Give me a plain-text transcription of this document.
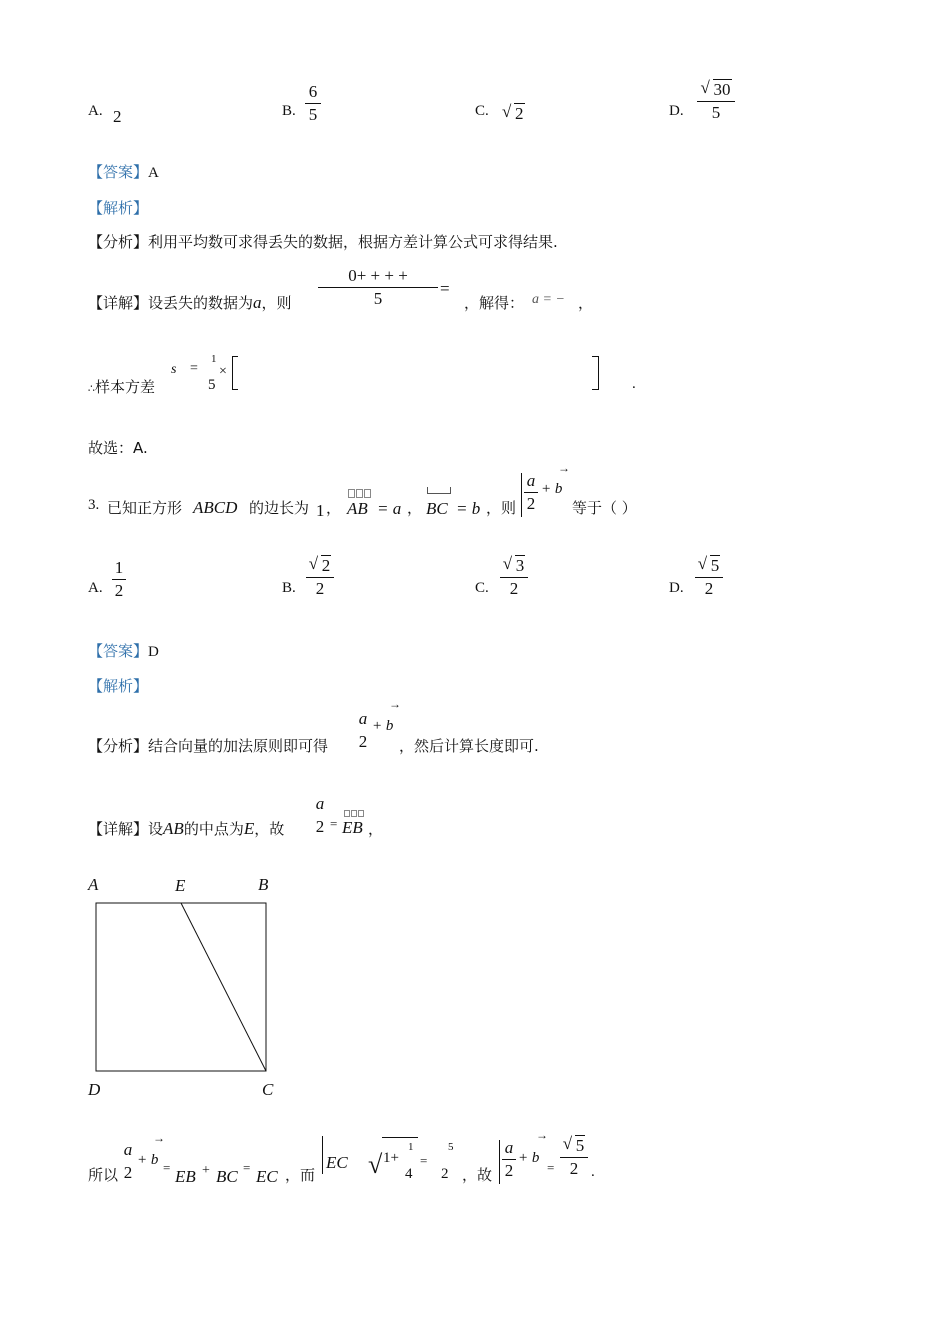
A. 2	B.
6
5	C. √ 2	D.
√ 30
5
【答案】A
【解析】
【分析】利用平均数可求得丢失的数据，根据方差计算公式可求得结果.
【详解】设丢失的数据为a，则
0+ + + +
5
=
，解得： a = − ，
∴样本方差
s =
1
5
×
.
故选：A.
3. 已知正方形 ABCD 的边长为 1 ， AB = a ， BC = b ，则
a
2
→
+ b
等于（ ）
A.
1
2	B.
√ 2
2	C.
√ 3
2	D.
√ 5
2
【答案】D
【解析】
【分析】结合向量的加法原则即可得
a
2
→
+ b
，然后计算长度即可.
【详解】设AB的中点为E，故
a
2 = EB ，
A	E	B
D	C
所以
a
2
→
+ b = EB + BC = EC ，而
EC √ 1+
1
4
=
5
2 ，故
a
2
→
+ b
=
√ 5
2 .
